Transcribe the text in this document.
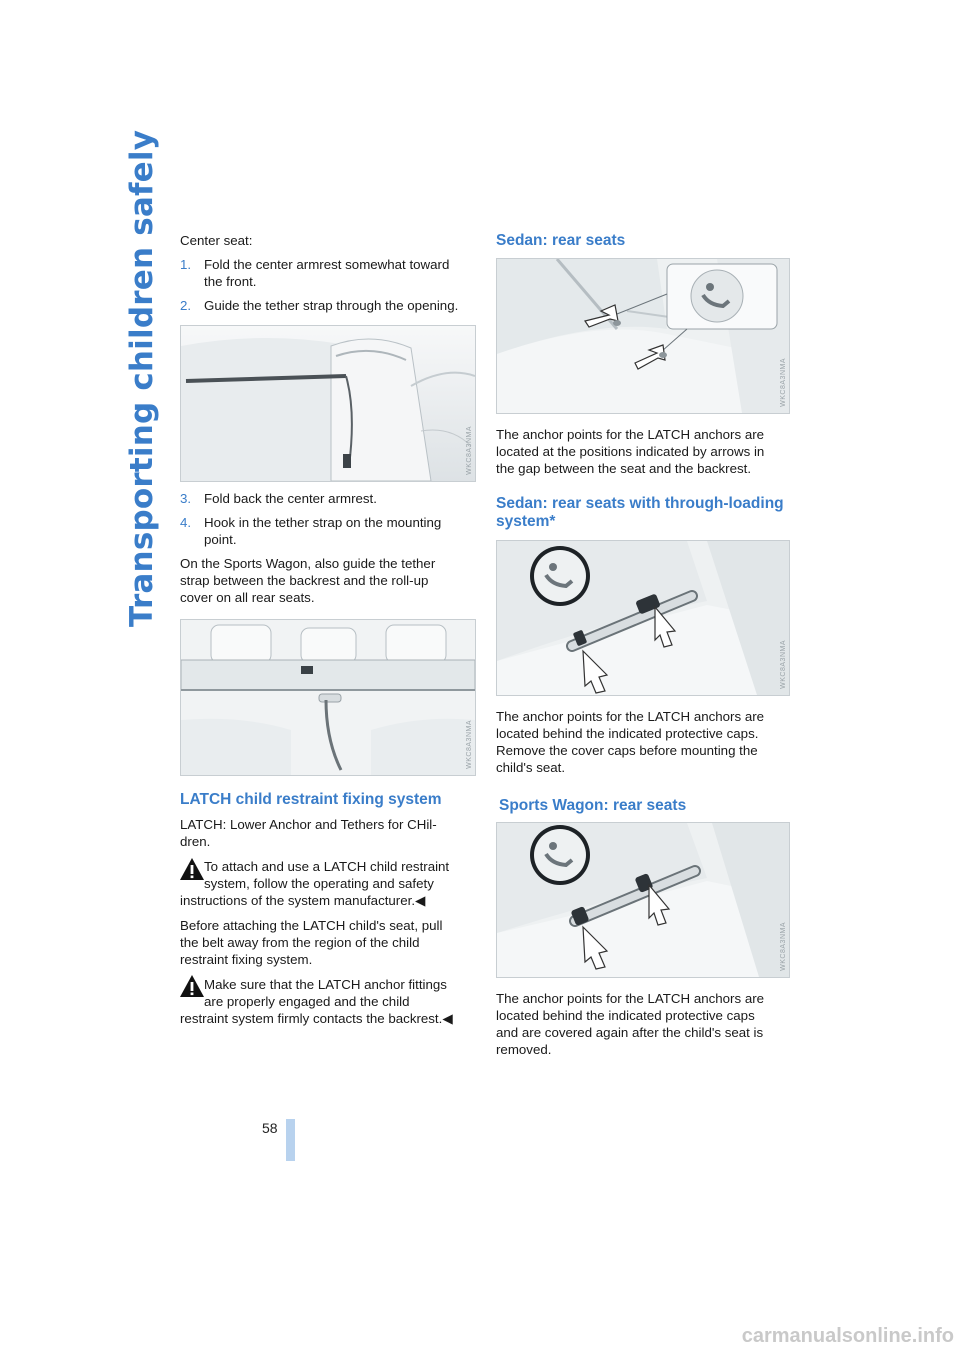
Transporting children safely Center seat:

1. Fold the center armrest somewhat toward
the front.
2. Guide the tether strap through the opening.
WKC8A3NMA
3. Fold back the center armrest.
4. Hook in the tether strap on the mounting
point.
On the Sports Wagon, also guide the tether
strap between the backrest and the roll-up
cover on all rear seats.
WKC8A3NMA
LATCH child restraint fixing system
LATCH: Lower Anchor and Tethers for CHil-
dren.
To attach and use a LATCH child restraint
system, follow the operating and safety
instructions of the system manufacturer.◀
Before attaching the LATCH child's seat, pull
the belt away from the region of the child
restraint fixing system.
Make sure that the LATCH anchor fittings
are properly engaged and the child
restraint system firmly contacts the backrest.◀
Sedan: rear seats
WKC8A3NMA
The anchor points for the LATCH anchors are
located at the positions indicated by arrows in
the gap between the seat and the backrest.
Sedan: rear seats with through-loading
system*
WKC8A3NMA
The anchor points for the LATCH anchors are
located behind the indicated protective caps.
Remove the cover caps before mounting the
child's seat.
Sports Wagon: rear seats
WKC8A3NMA
The anchor points for the LATCH anchors are
located behind the indicated protective caps
and are covered again after the child's seat is
removed.
58
carmanualsonline.info
